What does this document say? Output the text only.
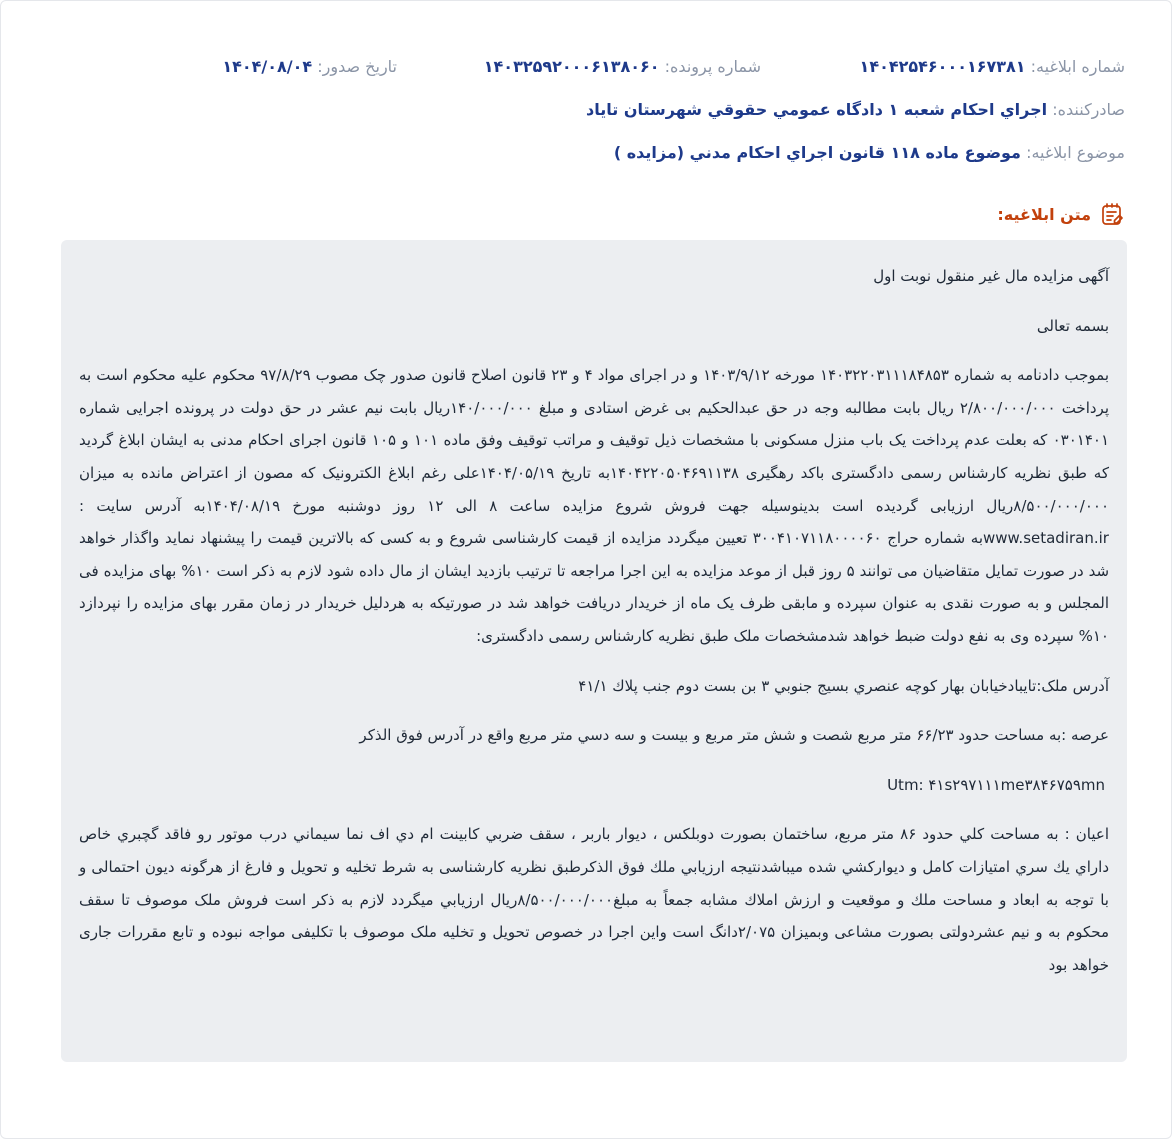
شماره ابلاغیه: ۱۴۰۴۲۵۴۶۰۰۰۱۶۷۳۸۱
شماره پرونده: ۱۴۰۳۲۵۹۲۰۰۰۶۱۳۸۰۶۰
تاریخ صدور: ۱۴۰۴/۰۸/۰۴
صادرکننده: اجراي احكام شعبه ۱ دادگاه عمومي حقوقي شهرستان تاياد
موضوع ابلاغیه: موضوع ماده ۱۱۸ قانون اجراي احكام مدني (مزايده )
متن ابلاغیه:

آگهی مزایده مال غیر منقول نوبت اول

بسمه تعالی

بموجب دادنامه به شماره ۱۴۰۳۲۲۰۳۱۱۱۸۴۸۵۳ مورخه ۱۴۰۳/۹/۱۲ و در اجرای مواد ۴ و ۲۳ قانون اصلاح قانون صدور چک مصوب ۹۷/۸/۲۹ محکوم علیه محکوم است به پرداخت ۲/۸۰۰/۰۰۰/۰۰۰ ریال بابت مطالبه وجه در حق عبدالحکیم بی غرض استادی و مبلغ ۱۴۰/۰۰۰/۰۰۰ریال بابت نیم عشر در حق دولت در پرونده اجرایی شماره ۰۳۰۱۴۰۱ که بعلت عدم پرداخت یک باب منزل مسکونی با مشخصات ذیل توقیف و مراتب توقیف وفق ماده ۱۰۱ و ۱۰۵ قانون اجرای احکام مدنی به ایشان ابلاغ گردید که طبق نظریه کارشناس رسمی دادگستری باکد رهگیری ۱۴۰۴۲۲۰۵۰۴۶۹۱۱۳۸به تاریخ ۱۴۰۴/۰۵/۱۹علی رغم ابلاغ الکترونیک که مصون از اعتراض مانده به میزان ۸/۵۰۰/۰۰۰/۰۰۰ریال ارزیابی گردیده است بدینوسیله جهت فروش شروع مزایده ساعت ۸ الی ۱۲ روز دوشنبه مورخ ۱۴۰۴/۰۸/۱۹به آدرس سایت : www.setadiran.irبه شماره حراج ۳۰۰۴۱۰۷۱۱۸۰۰۰۰۶۰ تعیین میگردد مزایده از قیمت کارشناسی شروع و به کسی که بالاترین قیمت را پیشنهاد نماید واگذار خواهد شد در صورت تمایل متقاضیان می توانند ۵ روز قبل از موعد مزایده به این اجرا مراجعه تا ترتیب بازدید ایشان از مال داده شود لازم به ذکر است ۱۰% بهای مزایده فی المجلس و به صورت نقدی به عنوان سپرده و مابقی ظرف یک ماه از خریدار دریافت خواهد شد در صورتیکه به هردلیل خریدار در زمان مقرر بهای مزایده را نپردازد ۱۰% سپرده وی به نفع دولت ضبط خواهد شدمشخصات ملک طبق نظریه کارشناس رسمی دادگستری:

آدرس ملک:تایبادخیابان بهار كوچه عنصري بسيج جنوبي ۳ بن بست دوم جنب پلاك ۴۱/۱

عرصه :به مساحت حدود ۶۶/۲۳ متر مربع شصت و شش متر مربع و بيست و سه دسي متر مربع واقع در آدرس فوق الذكر

Utm: ۴۱s۲۹۷۱۱۱me۳۸۴۶۷۵۹mn

اعيان : به مساحت كلي حدود ۸۶ متر مربع، ساختمان بصورت دوبلكس ، ديوار باربر ، سقف ضربي كابينت ام دي اف نما سيماني درب موتور رو فاقد گچبري خاص داراي يك سري امتيازات كامل و ديواركشي شده میباشدنتيجه ارزيابي ملك فوق الذكرطبق نظريه كارشناسی به شرط تخليه و تحويل و فارغ از هرگونه ديون احتمالی و با توجه به ابعاد و مساحت ملك و موقعيت و ارزش املاك مشابه جمعاً به مبلغ۸/۵۰۰/۰۰۰/۰۰۰ريال ارزيابي ميگردد لازم به ذکر است فروش ملک موصوف تا سقف محکوم به و نیم عشردولتی بصورت مشاعی وبمیزان ۲/۰۷۵دانگ است واین اجرا در خصوص تحویل و تخلیه ملک موصوف با تکلیفی مواجه نبوده و تابع مقررات جاری خواهد بود
